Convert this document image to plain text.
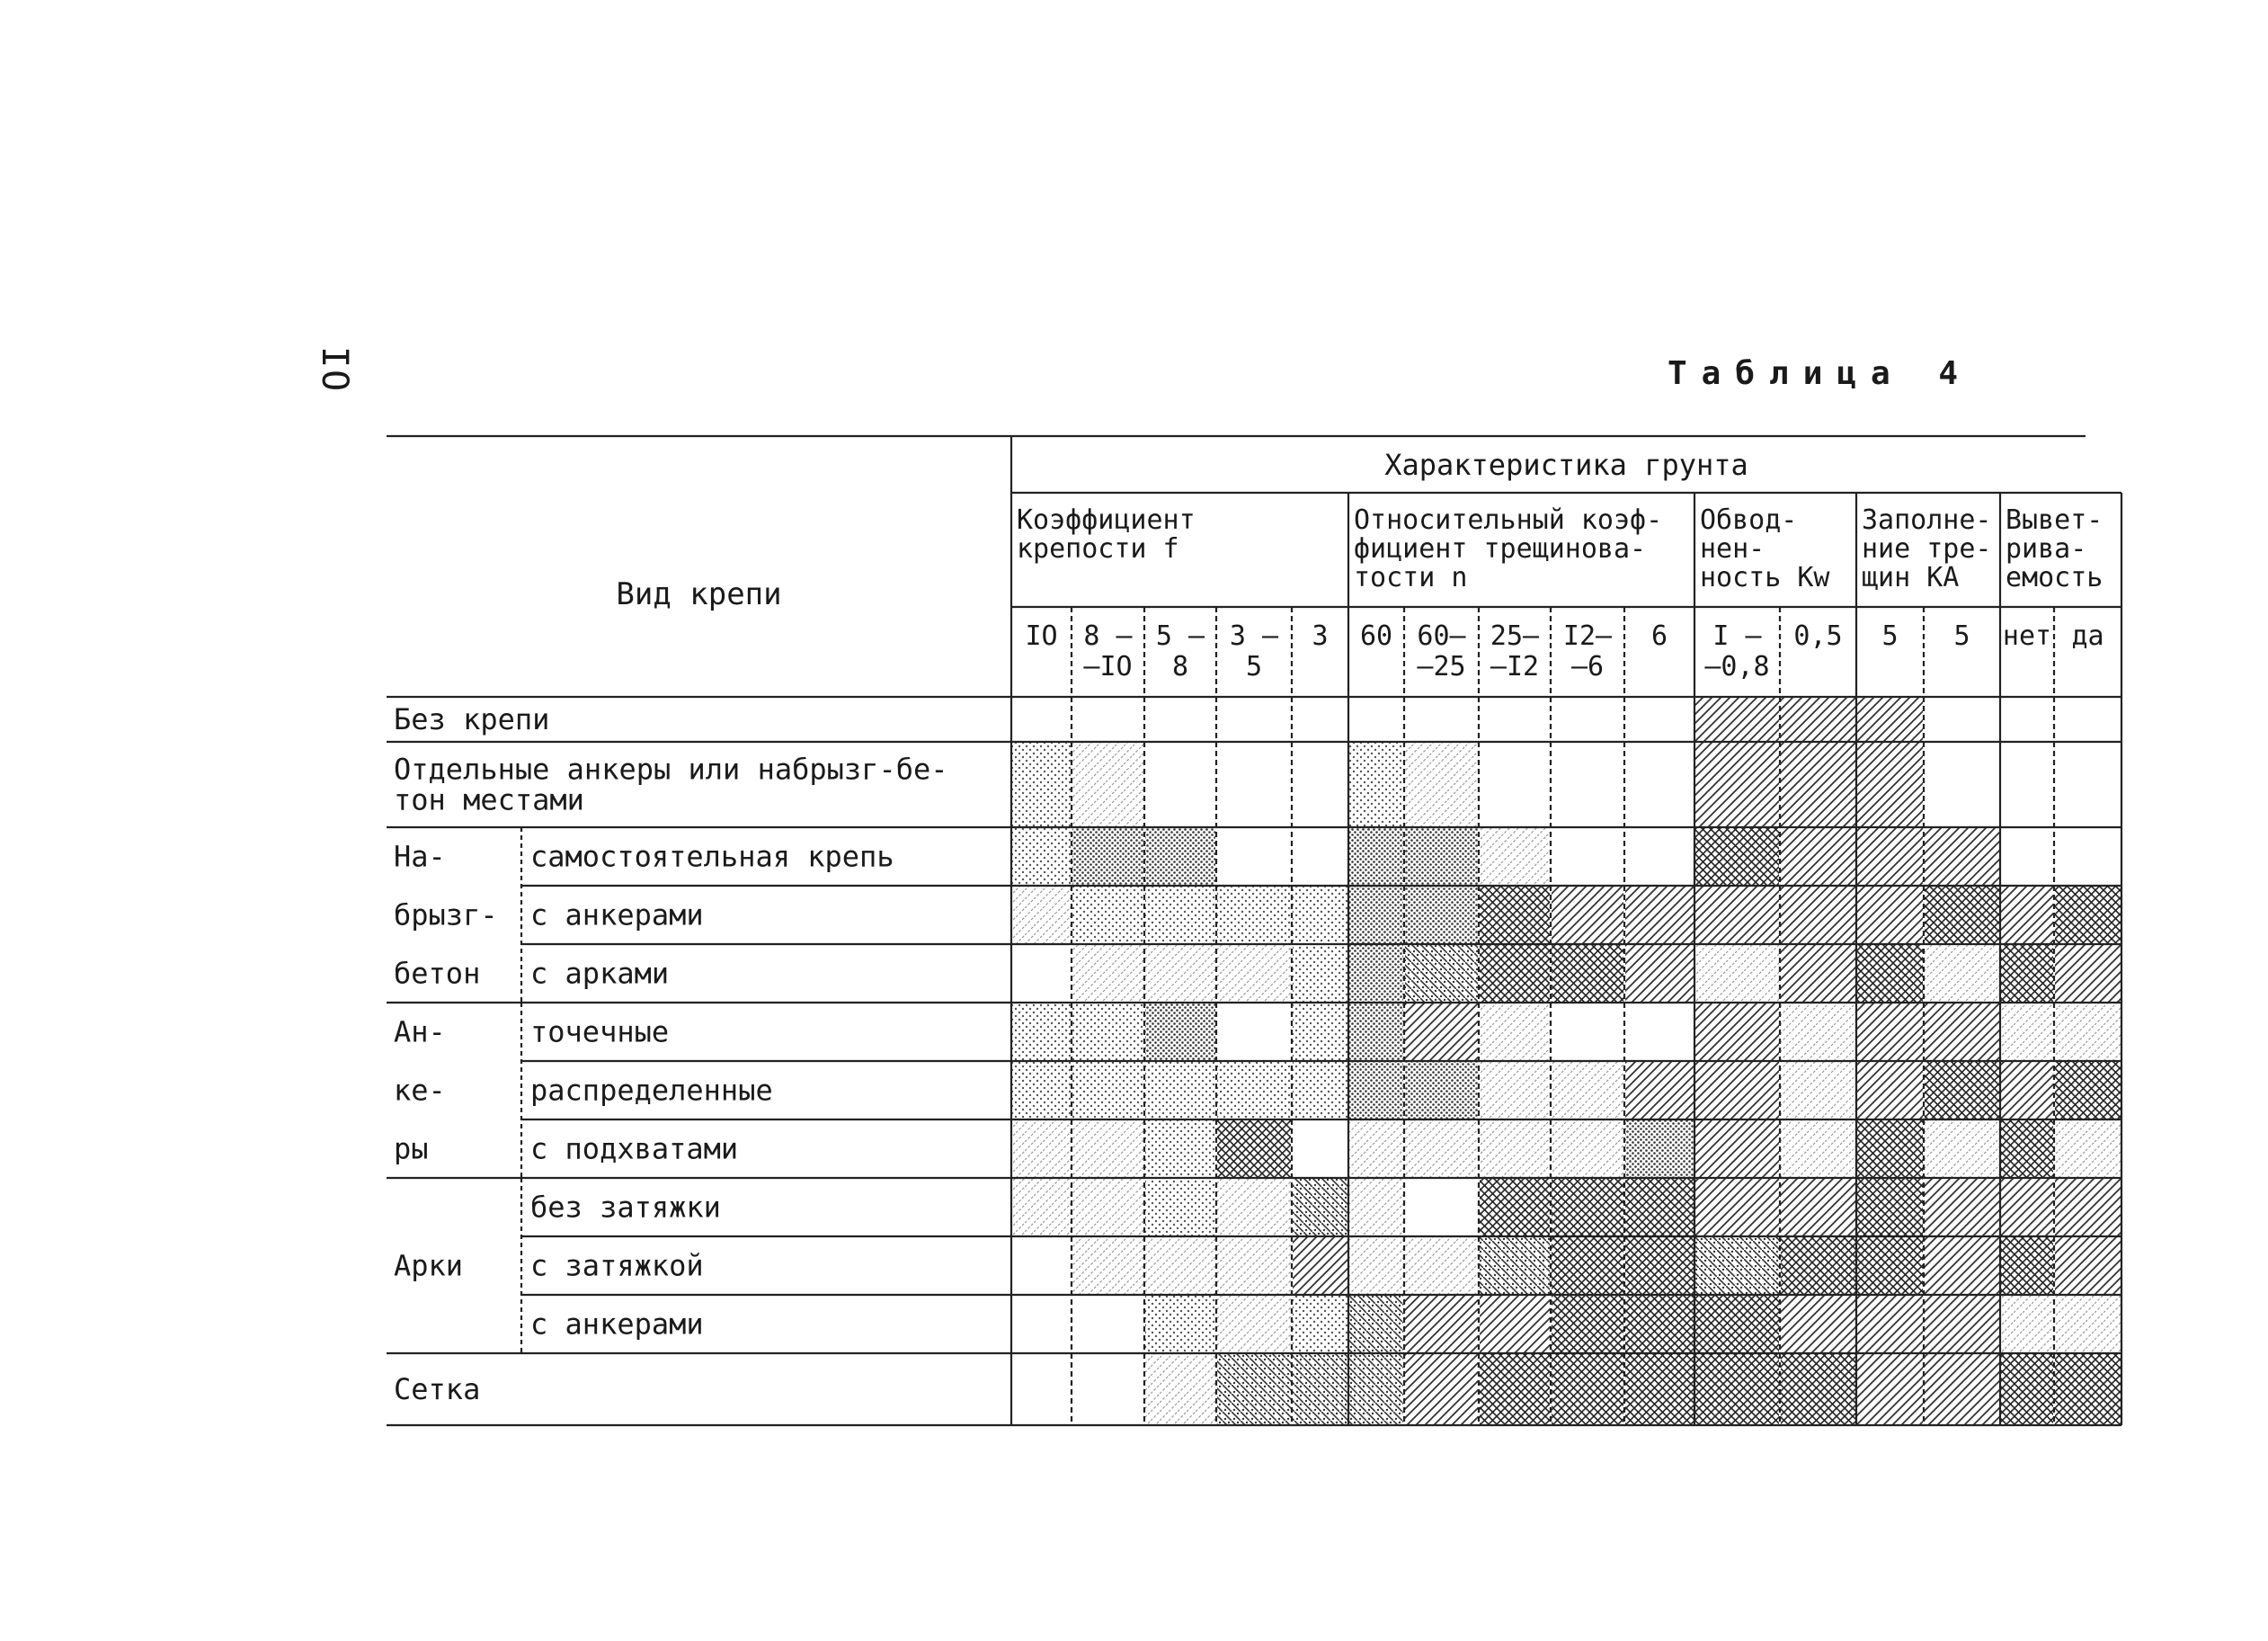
IO	Таблица 4
Вид крепи
Характеристика грунта
Коэффициент
крепости f
IO 8 –
–IO
5 –
8
3 –
5
3
Относительный коэф-
фициент трещинова-
тости n
60 60–
–25
25–
–I2
I2–
–6
6
Обвод-
нен-
ность Kw
I –
–0,8
0,5
Заполне-
ние тре-
щин KA
5 5
Вывет-
рива-
емость
нет да
Без крепи
Отдельные анкеры или набрызг-бе-
тон местами
На-
брызг-
бетон
самостоятельная крепь
с анкерами
с арками
Ан-
ке-
ры
точечные
распределенные
с подхватами
Арки
без затяжки
с затяжкой
с анкерами
Сетка
